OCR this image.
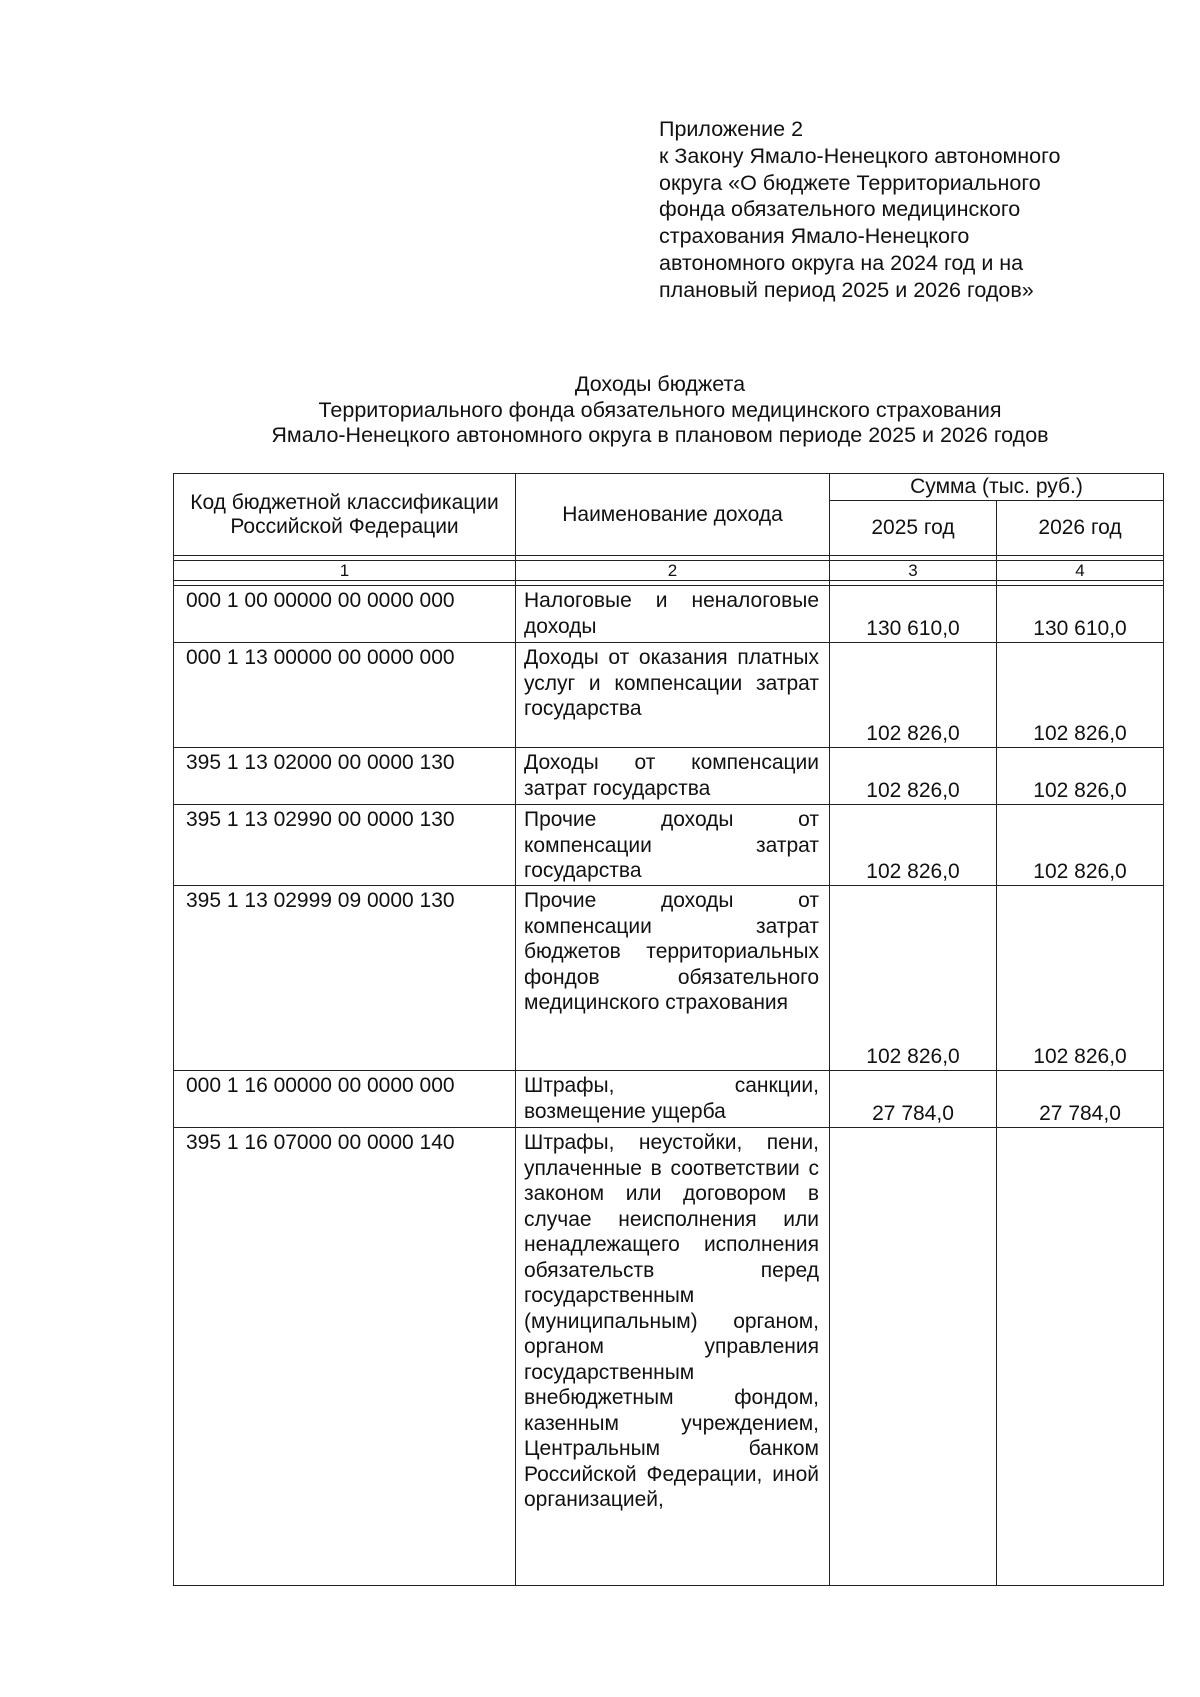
Приложение 2
к Закону Ямало-Ненецкого автономного
округа «О бюджете Территориального
фонда обязательного медицинского
страхования Ямало-Ненецкого
автономного округа на 2024 год и на
плановый период 2025 и 2026 годов»
Доходы бюджета
Территориального фонда обязательного медицинского страхования
Ямало-Ненецкого автономного округа в плановом периоде 2025 и 2026 годов
Код бюджетной классификации Российской Федерации	Наименование дохода	Сумма (тыс. руб.)	
		2025 год	2026 год

1	2	3	4

000 1 00 00000 00 0000 000	Налоговые и неналоговые доходы	130 610,0	130 610,0
000 1 13 00000 00 0000 000	Доходы от оказания платных услуг и компенсации затрат государства	102 826,0	102 826,0
395 1 13 02000 00 0000 130	Доходы от компенсации затрат государства	102 826,0	102 826,0
395 1 13 02990 00 0000 130	Прочие доходы от компенсации затрат государства	102 826,0	102 826,0
395 1 13 02999 09 0000 130	Прочие доходы от компенсации затрат бюджетов территориальных фондов обязательного медицинского страхования	102 826,0	102 826,0
000 1 16 00000 00 0000 000	Штрафы, санкции, возмещение ущерба	27 784,0	27 784,0
395 1 16 07000 00 0000 140	Штрафы, неустойки, пени, уплаченные в соответствии с законом или договором в случае неисполнения или ненадлежащего исполнения обязательств перед государственным (муниципальным) органом, органом управления государственным внебюджетным фондом, казенным учреждением, Центральным банком Российской Федерации, иной организацией,		
